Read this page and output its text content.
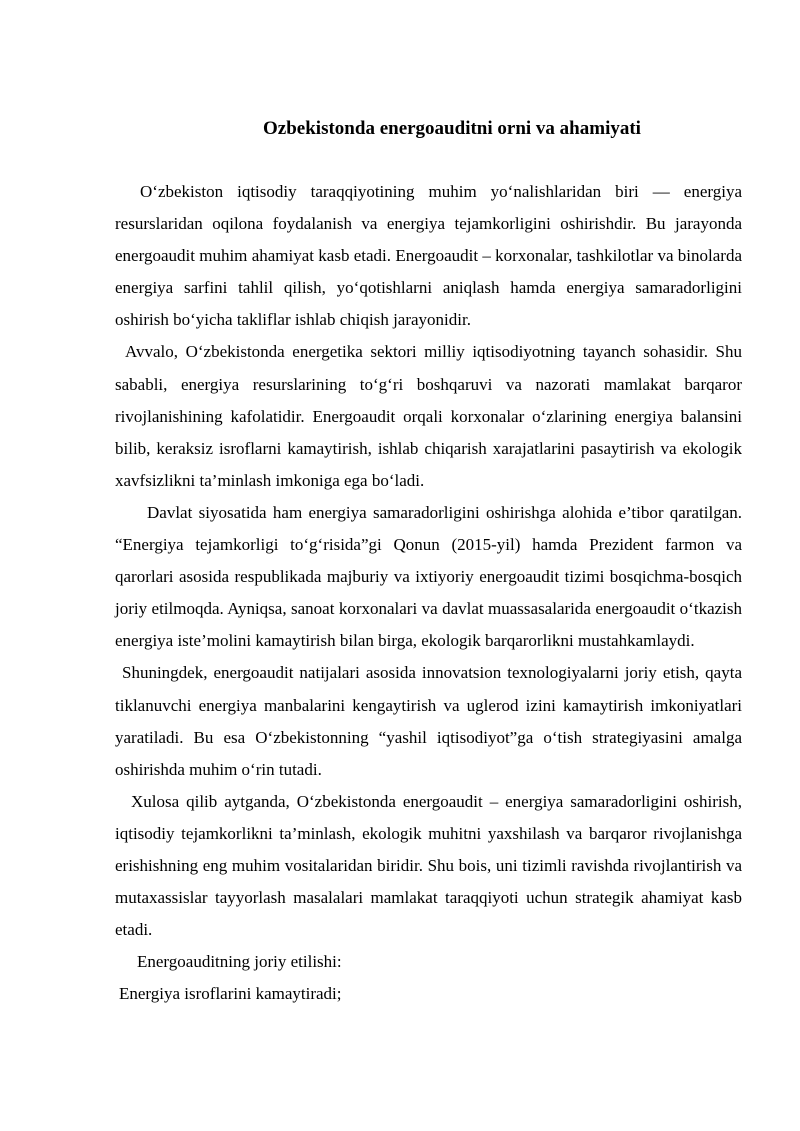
Ozbekistonda energoauditni orni va ahamiyati

O‘zbekiston iqtisodiy taraqqiyotining muhim yo‘nalishlaridan biri — energiya resurslaridan oqilona foydalanish va energiya tejamkorligini oshirishdir. Bu jarayonda energoaudit muhim ahamiyat kasb etadi. Energoaudit – korxonalar, tashkilotlar va binolarda energiya sarfini tahlil qilish, yo‘qotishlarni aniqlash hamda energiya samaradorligini oshirish bo‘yicha takliflar ishlab chiqish jarayonidir.

Avvalo, O‘zbekistonda energetika sektori milliy iqtisodiyotning tayanch sohasidir. Shu sababli, energiya resurslarining to‘g‘ri boshqaruvi va nazorati mamlakat barqaror rivojlanishining kafolatidir. Energoaudit orqali korxonalar o‘zlarining energiya balansini bilib, keraksiz isroflarni kamaytirish, ishlab chiqarish xarajatlarini pasaytirish va ekologik xavfsizlikni ta’minlash imkoniga ega bo‘ladi.

Davlat siyosatida ham energiya samaradorligini oshirishga alohida e’tibor qaratilgan. “Energiya tejamkorligi to‘g‘risida”gi Qonun (2015-yil) hamda Prezident farmon va qarorlari asosida respublikada majburiy va ixtiyoriy energoaudit tizimi bosqichma-bosqich joriy etilmoqda. Ayniqsa, sanoat korxonalari va davlat muassasalarida energoaudit o‘tkazish energiya iste’molini kamaytirish bilan birga, ekologik barqarorlikni mustahkamlaydi.

Shuningdek, energoaudit natijalari asosida innovatsion texnologiyalarni joriy etish, qayta tiklanuvchi energiya manbalarini kengaytirish va uglerod izini kamaytirish imkoniyatlari yaratiladi. Bu esa O‘zbekistonning “yashil iqtisodiyot”ga o‘tish strategiyasini amalga oshirishda muhim o‘rin tutadi.

Xulosa qilib aytganda, O‘zbekistonda energoaudit – energiya samaradorligini oshirish, iqtisodiy tejamkorlikni ta’minlash, ekologik muhitni yaxshilash va barqaror rivojlanishga erishishning eng muhim vositalaridan biridir. Shu bois, uni tizimli ravishda rivojlantirish va mutaxassislar tayyorlash masalalari mamlakat taraqqiyoti uchun strategik ahamiyat kasb etadi.

Energoauditning joriy etilishi:

Energiya isroflarini kamaytiradi;
